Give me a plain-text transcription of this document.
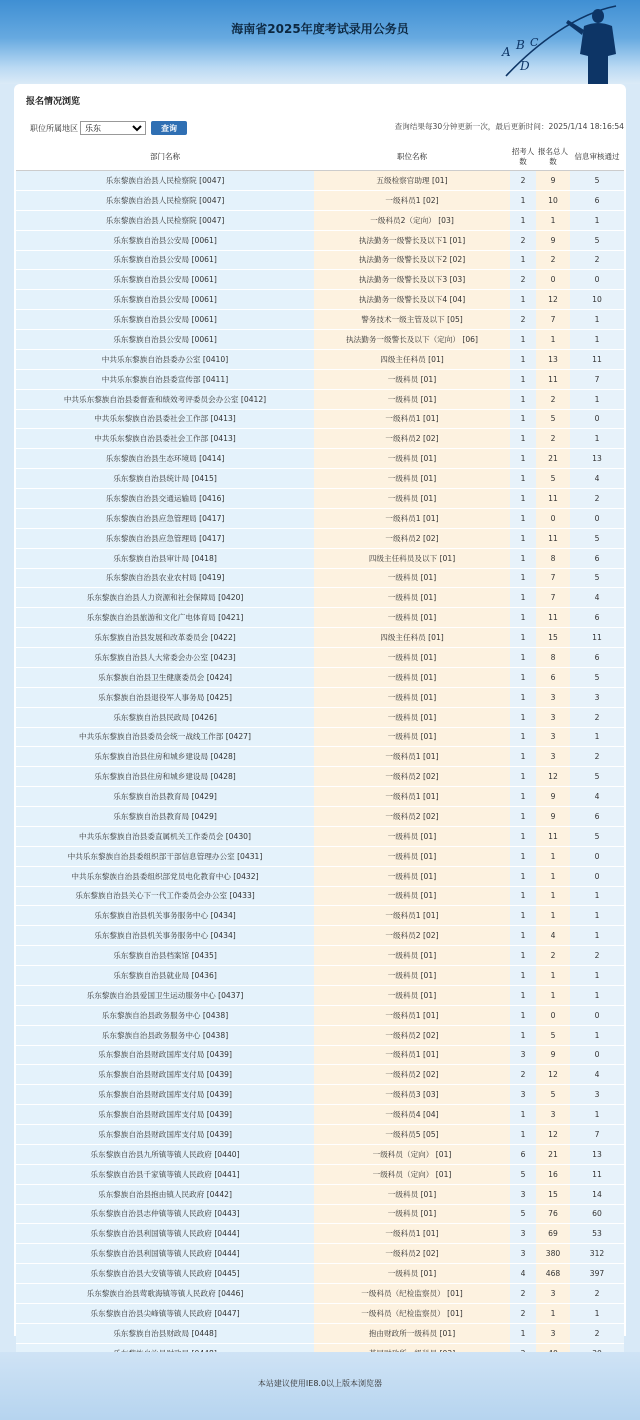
海南省2025年度考试录用公务员
A B C
D
报名情况浏览
职位所属地区
乐东	查询	查询结果每30分钟更新一次，最后更新时间：2025/1/14 18:16:54
部门名称	职位名称	招考人数	报名总人数	信息审核通过
乐东黎族自治县人民检察院 [0047]	五级检察官助理 [01]	2	9	5
乐东黎族自治县人民检察院 [0047]	一级科员1 [02]	1	10	6
乐东黎族自治县人民检察院 [0047]	一级科员2（定向） [03]	1	1	1
乐东黎族自治县公安局 [0061]	执法勤务一级警长及以下1 [01]	2	9	5
乐东黎族自治县公安局 [0061]	执法勤务一级警长及以下2 [02]	1	2	2
乐东黎族自治县公安局 [0061]	执法勤务一级警长及以下3 [03]	2	0	0
乐东黎族自治县公安局 [0061]	执法勤务一级警长及以下4 [04]	1	12	10
乐东黎族自治县公安局 [0061]	警务技术一级主管及以下 [05]	2	7	1
乐东黎族自治县公安局 [0061]	执法勤务一级警长及以下（定向） [06]	1	1	1
中共乐东黎族自治县委办公室 [0410]	四级主任科员 [01]	1	13	11
中共乐东黎族自治县委宣传部 [0411]	一级科员 [01]	1	11	7
中共乐东黎族自治县委督查和绩效考评委员会办公室 [0412]	一级科员 [01]	1	2	1
中共乐东黎族自治县委社会工作部 [0413]	一级科员1 [01]	1	5	0
中共乐东黎族自治县委社会工作部 [0413]	一级科员2 [02]	1	2	1
乐东黎族自治县生态环境局 [0414]	一级科员 [01]	1	21	13
乐东黎族自治县统计局 [0415]	一级科员 [01]	1	5	4
乐东黎族自治县交通运输局 [0416]	一级科员 [01]	1	11	2
乐东黎族自治县应急管理局 [0417]	一级科员1 [01]	1	0	0
乐东黎族自治县应急管理局 [0417]	一级科员2 [02]	1	11	5
乐东黎族自治县审计局 [0418]	四级主任科员及以下 [01]	1	8	6
乐东黎族自治县农业农村局 [0419]	一级科员 [01]	1	7	5
乐东黎族自治县人力资源和社会保障局 [0420]	一级科员 [01]	1	7	4
乐东黎族自治县旅游和文化广电体育局 [0421]	一级科员 [01]	1	11	6
乐东黎族自治县发展和改革委员会 [0422]	四级主任科员 [01]	1	15	11
乐东黎族自治县人大常委会办公室 [0423]	一级科员 [01]	1	8	6
乐东黎族自治县卫生健康委员会 [0424]	一级科员 [01]	1	6	5
乐东黎族自治县退役军人事务局 [0425]	一级科员 [01]	1	3	3
乐东黎族自治县民政局 [0426]	一级科员 [01]	1	3	2
中共乐东黎族自治县委员会统一战线工作部 [0427]	一级科员 [01]	1	3	1
乐东黎族自治县住房和城乡建设局 [0428]	一级科员1 [01]	1	3	2
乐东黎族自治县住房和城乡建设局 [0428]	一级科员2 [02]	1	12	5
乐东黎族自治县教育局 [0429]	一级科员1 [01]	1	9	4
乐东黎族自治县教育局 [0429]	一级科员2 [02]	1	9	6
中共乐东黎族自治县委直属机关工作委员会 [0430]	一级科员 [01]	1	11	5
中共乐东黎族自治县委组织部干部信息管理办公室 [0431]	一级科员 [01]	1	1	0
中共乐东黎族自治县委组织部党员电化教育中心 [0432]	一级科员 [01]	1	1	0
乐东黎族自治县关心下一代工作委员会办公室 [0433]	一级科员 [01]	1	1	1
乐东黎族自治县机关事务服务中心 [0434]	一级科员1 [01]	1	1	1
乐东黎族自治县机关事务服务中心 [0434]	一级科员2 [02]	1	4	1
乐东黎族自治县档案馆 [0435]	一级科员 [01]	1	2	2
乐东黎族自治县就业局 [0436]	一级科员 [01]	1	1	1
乐东黎族自治县爱国卫生运动服务中心 [0437]	一级科员 [01]	1	1	1
乐东黎族自治县政务服务中心 [0438]	一级科员1 [01]	1	0	0
乐东黎族自治县政务服务中心 [0438]	一级科员2 [02]	1	5	1
乐东黎族自治县财政国库支付局 [0439]	一级科员1 [01]	3	9	0
乐东黎族自治县财政国库支付局 [0439]	一级科员2 [02]	2	12	4
乐东黎族自治县财政国库支付局 [0439]	一级科员3 [03]	3	5	3
乐东黎族自治县财政国库支付局 [0439]	一级科员4 [04]	1	3	1
乐东黎族自治县财政国库支付局 [0439]	一级科员5 [05]	1	12	7
乐东黎族自治县九所镇等镇人民政府 [0440]	一级科员（定向） [01]	6	21	13
乐东黎族自治县千家镇等镇人民政府 [0441]	一级科员（定向） [01]	5	16	11
乐东黎族自治县抱由镇人民政府 [0442]	一级科员 [01]	3	15	14
乐东黎族自治县志仲镇等镇人民政府 [0443]	一级科员 [01]	5	76	60
乐东黎族自治县利国镇等镇人民政府 [0444]	一级科员1 [01]	3	69	53
乐东黎族自治县利国镇等镇人民政府 [0444]	一级科员2 [02]	3	380	312
乐东黎族自治县大安镇等镇人民政府 [0445]	一级科员 [01]	4	468	397
乐东黎族自治县莺歌海镇等镇人民政府 [0446]	一级科员（纪检监察员） [01]	2	3	2
乐东黎族自治县尖峰镇等镇人民政府 [0447]	一级科员（纪检监察员） [01]	2	1	1
乐东黎族自治县财政局 [0448]	抱由财政所一级科员 [01]	1	3	2

本站建议使用IE8.0以上版本浏览器
